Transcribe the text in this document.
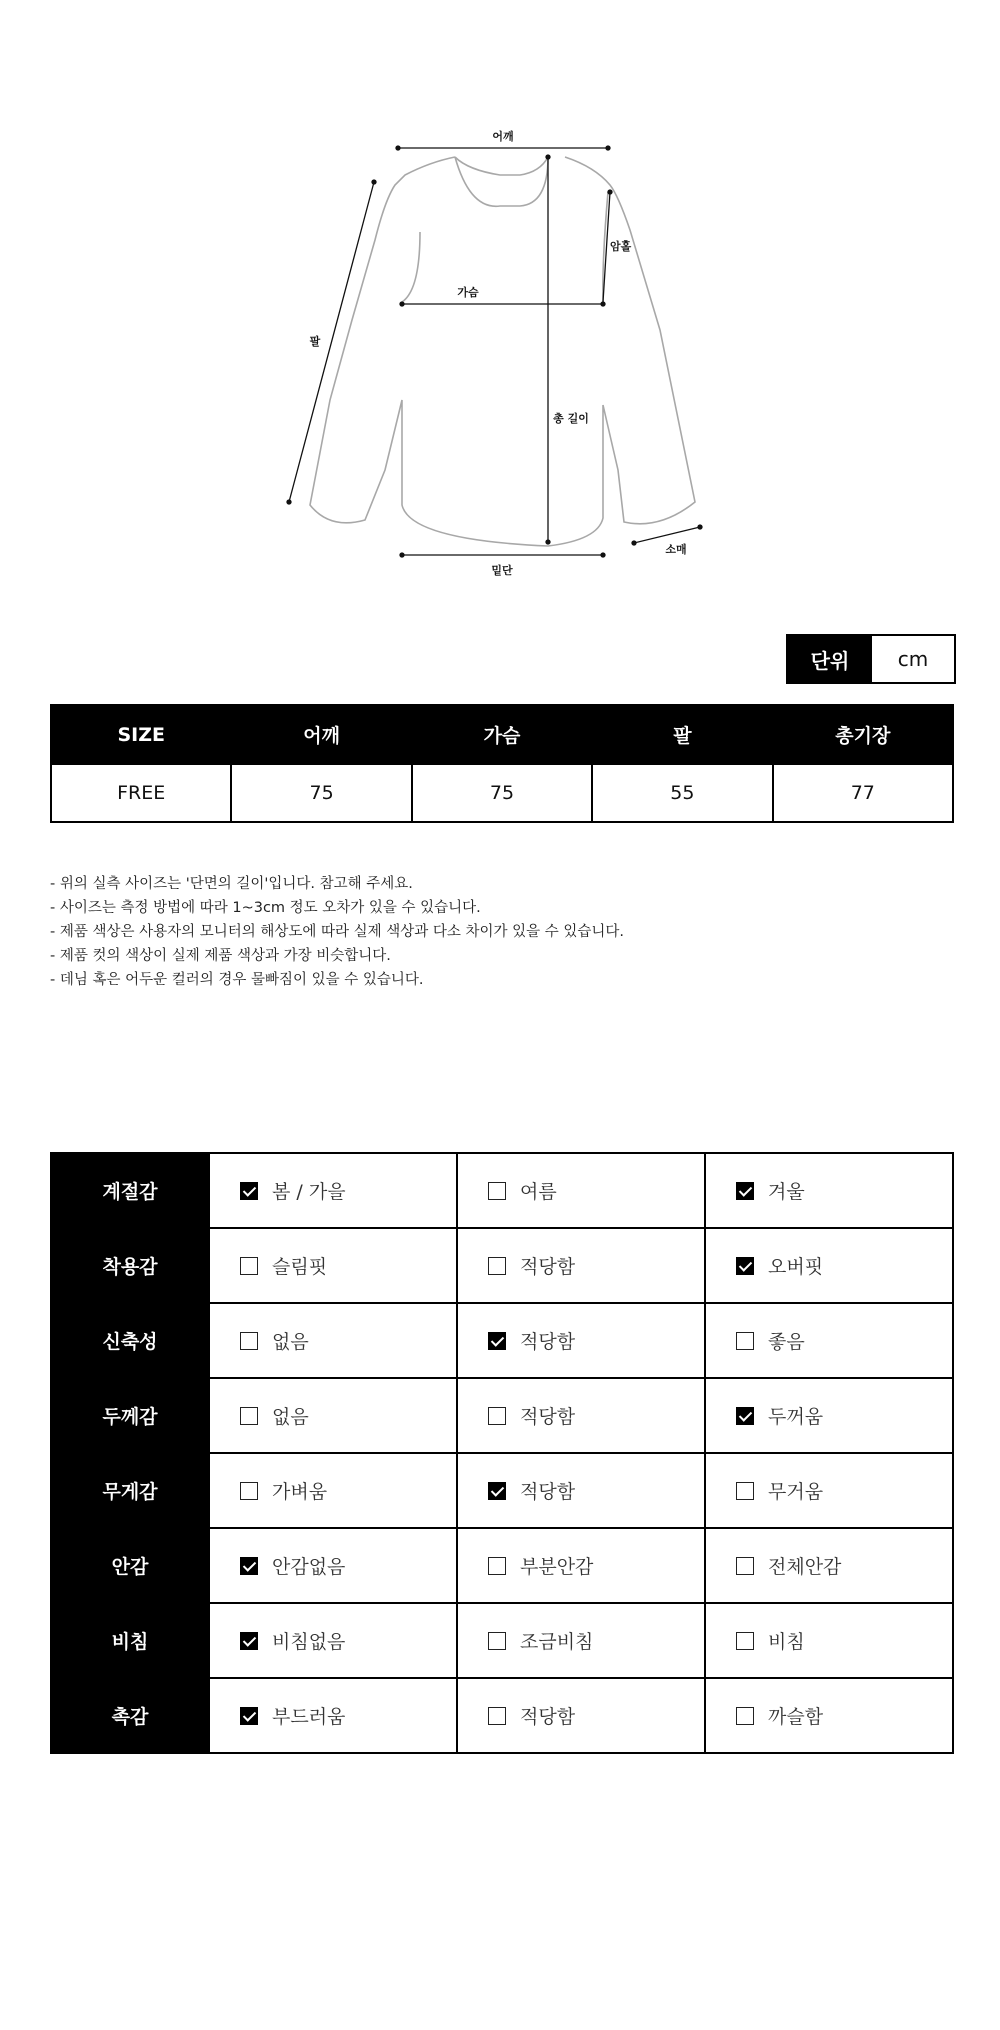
어깨
암홀
가슴
팔
총 길이
밑단
소매
단위	cm
SIZE	어깨	가슴	팔	총기장
FREE	75	75	55	77
- 위의 실측 사이즈는 '단면의 길이'입니다. 참고해 주세요.
- 사이즈는 측정 방법에 따라 1~3cm 정도 오차가 있을 수 있습니다.
- 제품 색상은 사용자의 모니터의 해상도에 따라 실제 색상과 다소 차이가 있을 수 있습니다.
- 제품 컷의 색상이 실제 제품 색상과 가장 비슷합니다.
- 데님 혹은 어두운 컬러의 경우 물빠짐이 있을 수 있습니다.
계절감	봄 / 가을	여름	겨울

착용감	슬림핏	적당함	오버핏

신축성	없음	적당함	좋음

두께감	없음	적당함	두꺼움

무게감	가벼움	적당함	무거움

안감	안감없음	부분안감	전체안감

비침	비침없음	조금비침	비침

촉감	부드러움	적당함	까슬함
